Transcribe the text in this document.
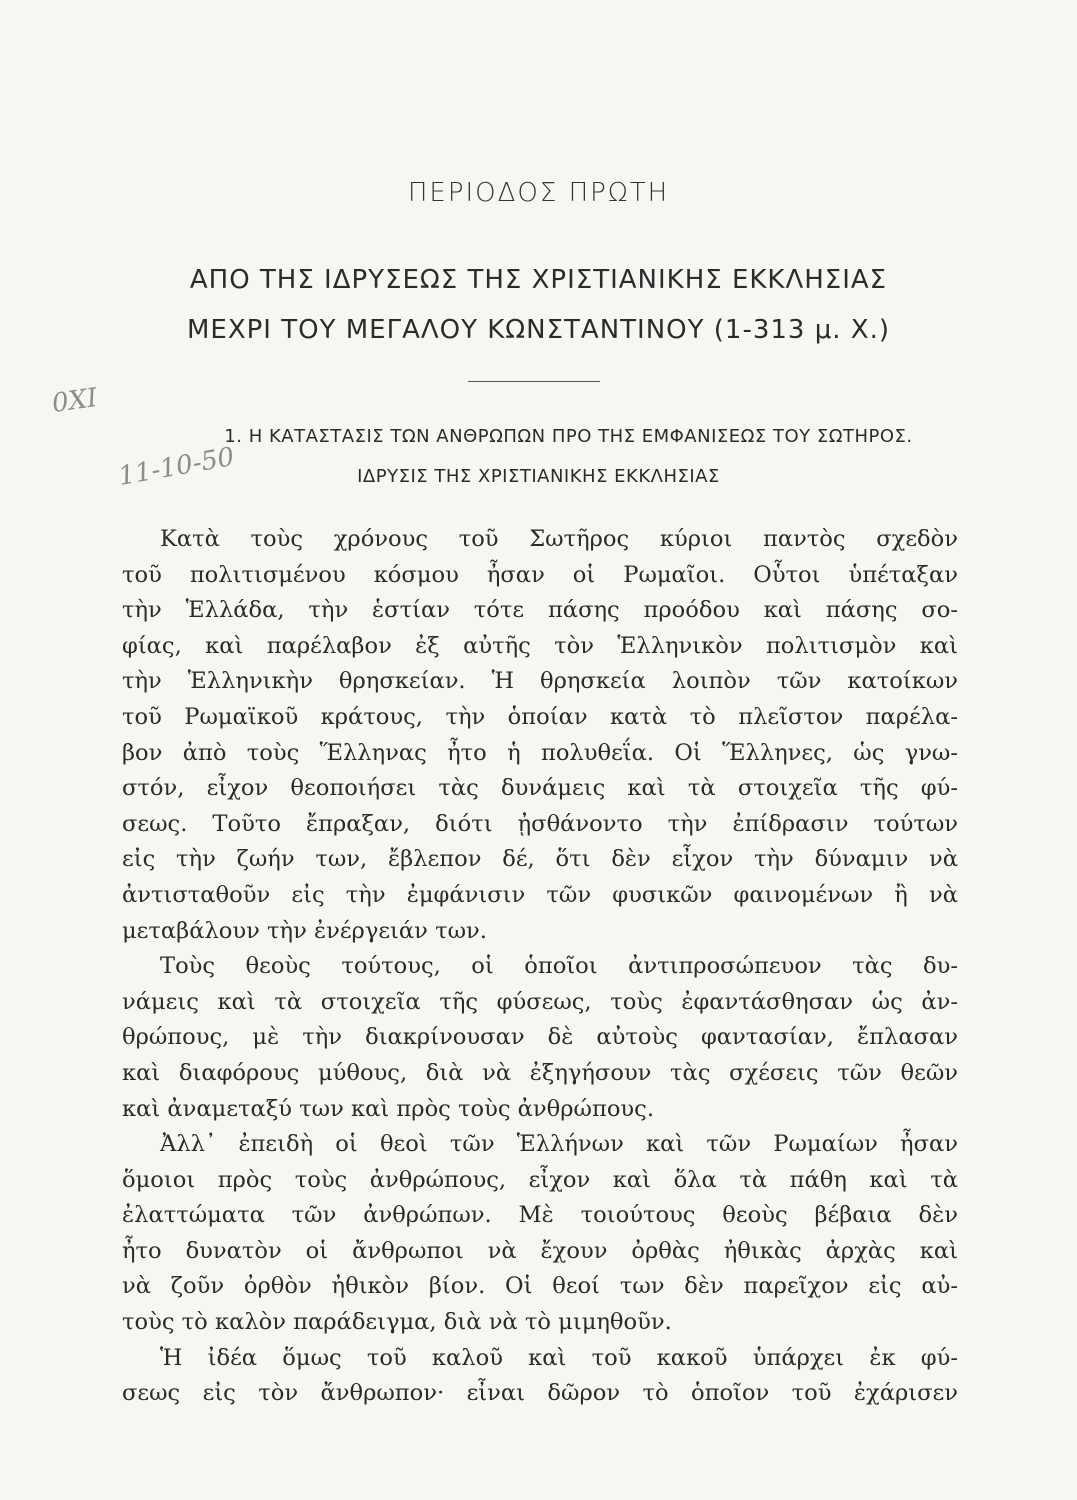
ΠΕΡΙΟΔΟΣ ΠΡΩΤΗ
ΑΠΟ ΤΗΣ ΙΔΡΥΣΕΩΣ ΤΗΣ ΧΡΙΣΤΙΑΝΙΚΗΣ ΕΚΚΛΗΣΙΑΣ
ΜΕΧΡΙ ΤΟΥ ΜΕΓΑΛΟΥ ΚΩΝΣΤΑΝΤΙΝΟΥ (1-313 μ. Χ.)
0ΧΙ
11-10-50
1. Η ΚΑΤΑΣΤΑΣΙΣ ΤΩΝ ΑΝΘΡΩΠΩΝ ΠΡΟ ΤΗΣ ΕΜΦΑΝΙΣΕΩΣ ΤΟΥ ΣΩΤΗΡΟΣ.
ΙΔΡΥΣΙΣ ΤΗΣ ΧΡΙΣΤΙΑΝΙΚΗΣ ΕΚΚΛΗΣΙΑΣ
Κατὰ τοὺς χρόνους τοῦ Σωτῆρος κύριοι παντὸς σχεδὸν
τοῦ πολιτισμένου κόσμου ἦσαν οἱ Ρωμαῖοι. Οὗτοι ὑπέταξαν
τὴν Ἑλλάδα, τὴν ἑστίαν τότε πάσης προόδου καὶ πάσης σο-
φίας, καὶ παρέλαβον ἐξ αὐτῆς τὸν Ἑλληνικὸν πολιτισμὸν καὶ
τὴν Ἑλληνικὴν θρησκείαν. Ἡ θρησκεία λοιπὸν τῶν κατοίκων
τοῦ Ρωμαϊκοῦ κράτους, τὴν ὁποίαν κατὰ τὸ πλεῖστον παρέλα-
βον ἀπὸ τοὺς Ἕλληνας ἦτο ἡ πολυθεΐα. Οἱ Ἕλληνες, ὡς γνω-
στόν, εἶχον θεοποιήσει τὰς δυνάμεις καὶ τὰ στοιχεῖα τῆς φύ-
σεως. Τοῦτο ἔπραξαν, διότι ᾐσθάνοντο τὴν ἐπίδρασιν τούτων
εἰς τὴν ζωήν των, ἔβλεπον δέ, ὅτι δὲν εἶχον τὴν δύναμιν νὰ
ἀντισταθοῦν εἰς τὴν ἐμφάνισιν τῶν φυσικῶν φαινομένων ἢ νὰ
μεταβάλουν τὴν ἐνέργειάν των.
Τοὺς θεοὺς τούτους, οἱ ὁποῖοι ἀντιπροσώπευον τὰς δυ-
νάμεις καὶ τὰ στοιχεῖα τῆς φύσεως, τοὺς ἐφαντάσθησαν ὡς ἀν-
θρώπους, μὲ τὴν διακρίνουσαν δὲ αὐτοὺς φαντασίαν, ἔπλασαν
καὶ διαφόρους μύθους, διὰ νὰ ἐξηγήσουν τὰς σχέσεις τῶν θεῶν
καὶ ἀναμεταξύ των καὶ πρὸς τοὺς ἀνθρώπους.
Ἀλλ᾽ ἐπειδὴ οἱ θεοὶ τῶν Ἑλλήνων καὶ τῶν Ρωμαίων ἦσαν
ὅμοιοι πρὸς τοὺς ἀνθρώπους, εἶχον καὶ ὅλα τὰ πάθη καὶ τὰ
ἐλαττώματα τῶν ἀνθρώπων. Μὲ τοιούτους θεοὺς βέβαια δὲν
ἦτο δυνατὸν οἱ ἄνθρωποι νὰ ἔχουν ὀρθὰς ἠθικὰς ἀρχὰς καὶ
νὰ ζοῦν ὀρθὸν ἠθικὸν βίον. Οἱ θεοί των δὲν παρεῖχον εἰς αὐ-
τοὺς τὸ καλὸν παράδειγμα, διὰ νὰ τὸ μιμηθοῦν.
Ἡ ἰδέα ὅμως τοῦ καλοῦ καὶ τοῦ κακοῦ ὑπάρχει ἐκ φύ-
σεως εἰς τὸν ἄνθρωπον· εἶναι δῶρον τὸ ὁποῖον τοῦ ἐχάρισεν
